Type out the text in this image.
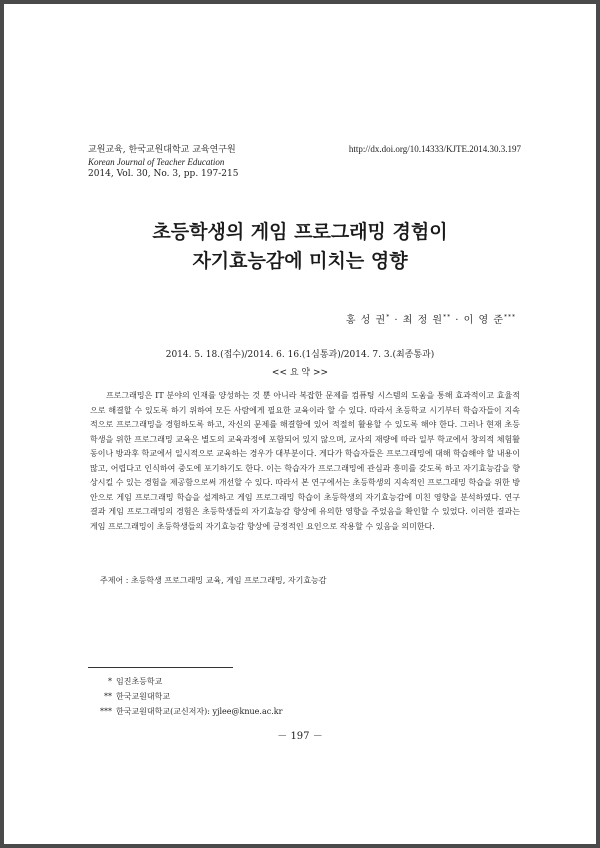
교원교육, 한국교원대학교 교육연구원
Korean Journal of Teacher Education
2014, Vol. 30, No. 3, pp. 197-215
http://dx.doi.org/10.14333/KJTE.2014.30.3.197
초등학생의 게임 프로그래밍 경험이
자기효능감에 미치는 영향
홍 성 권* · 최 정 원** · 이 영 준***
2014. 5. 18.(접수)/2014. 6. 16.(1심통과)/2014. 7. 3.(최종통과)
<< 요 약 >>

프로그래밍은 IT 분야의 인재를 양성하는 것 뿐 아니라 복잡한 문제를 컴퓨팅 시스템의 도움을 통해 효과적이고 효율적으로 해결할 수 있도록 하기 위하여 모든 사람에게 필요한 교육이라 할 수 있다. 따라서 초등학교 시기부터 학습자들이 지속적으로 프로그래밍을 경험하도록 하고, 자신의 문제를 해결함에 있어 적절히 활용할 수 있도록 해야 한다. 그러나 현재 초등학생을 위한 프로그래밍 교육은 별도의 교육과정에 포함되어 있지 않으며, 교사의 재량에 따라 일부 학교에서 창의적 체험활동이나 방과후 학교에서 일시적으로 교육하는 경우가 대부분이다. 게다가 학습자들은 프로그래밍에 대해 학습해야 할 내용이 많고, 어렵다고 인식하여 중도에 포기하기도 한다. 이는 학습자가 프로그래밍에 관심과 흥미를 갖도록 하고 자기효능감을 향상시킬 수 있는 경험을 제공함으로써 개선할 수 있다. 따라서 본 연구에서는 초등학생의 지속적인 프로그래밍 학습을 위한 방안으로 게임 프로그래밍 학습을 설계하고 게임 프로그래밍 학습이 초등학생의 자기효능감에 미친 영향을 분석하였다. 연구 결과 게임 프로그래밍의 경험은 초등학생들의 자기효능감 향상에 유의한 영향을 주었음을 확인할 수 있었다. 이러한 결과는 게임 프로그래밍이 초등학생들의 자기효능감 향상에 긍정적인 요인으로 작용할 수 있음을 의미한다.

주제어 : 초등학생 프로그래밍 교육, 게임 프로그래밍, 자기효능감
* 임진초등학교
** 한국교원대학교
*** 한국교원대학교(교신저자): yjlee@knue.ac.kr
－ 197 －
